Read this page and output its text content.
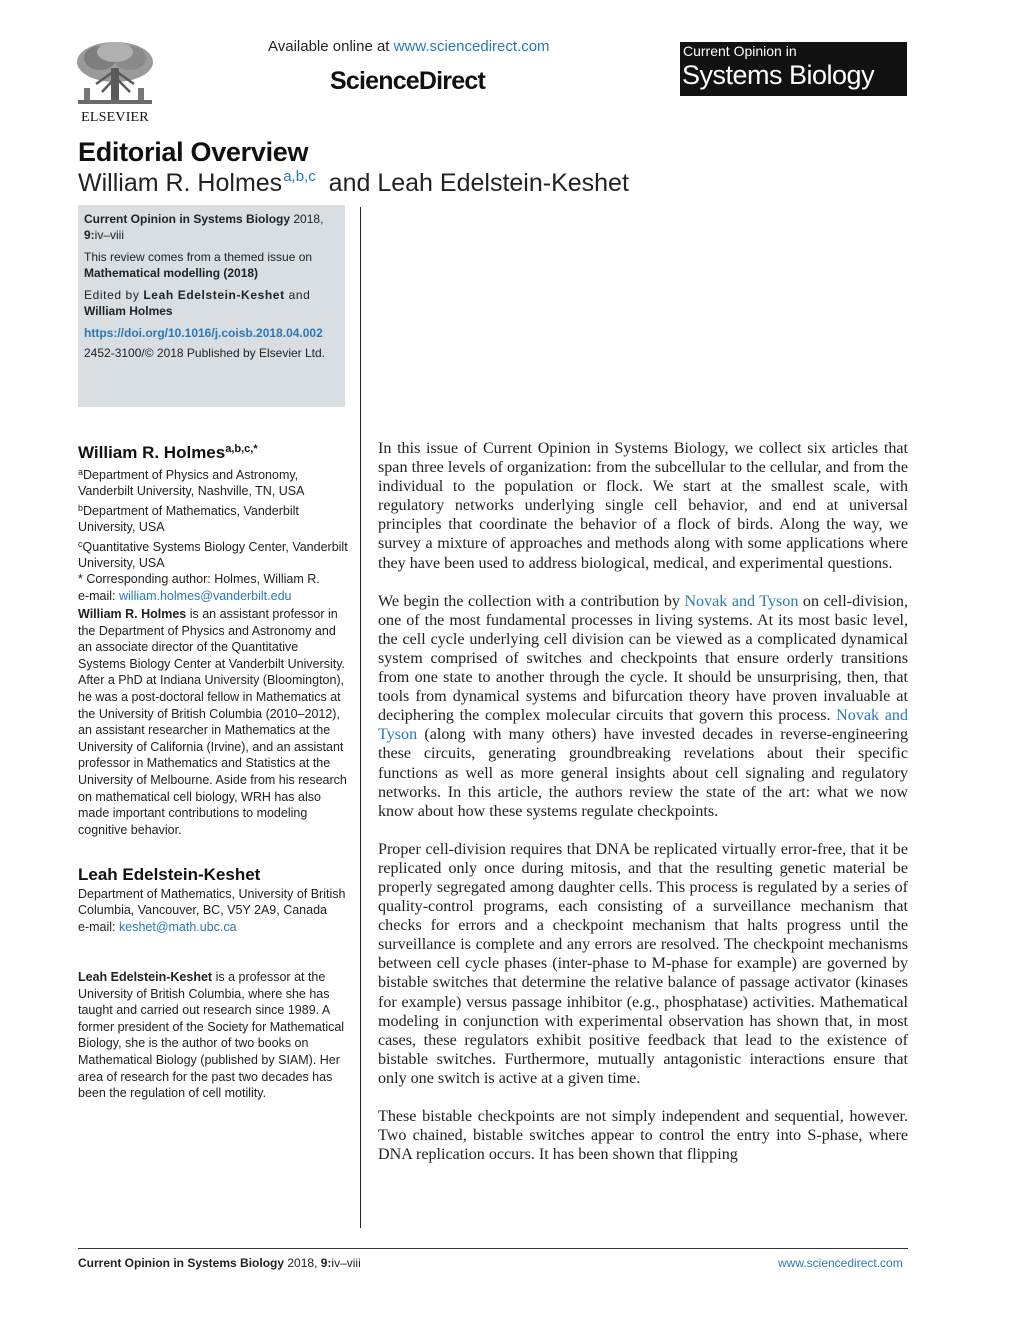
ELSEVIER
Available online at www.sciencedirect.com
ScienceDirect
Current Opinion in
Systems Biology
Editorial Overview
William R. Holmes$^{a,b,c}$ and Leah Edelstein-Keshet

Current Opinion in Systems Biology 2018, 9:iv–viii

This review comes from a themed issue on Mathematical modelling (2018)

Edited by Leah Edelstein-Keshet and William Holmes

https://doi.org/10.1016/j.coisb.2018.04.002

2452-3100/© 2018 Published by Elsevier Ltd.

William R. Holmes$^{a,b,c,*}$

$^a$Department of Physics and Astronomy, Vanderbilt University, Nashville, TN, USA

$^b$Department of Mathematics, Vanderbilt University, USA

$^c$Quantitative Systems Biology Center, Vanderbilt University, USA

* Corresponding author: Holmes, William R.

e-mail: william.holmes@vanderbilt.edu

William R. Holmes is an assistant professor in the Department of Physics and Astronomy and an associate director of the Quantitative Systems Biology Center at Vanderbilt University. After a PhD at Indiana University (Bloomington), he was a post-doctoral fellow in Mathematics at the University of British Columbia (2010–2012), an assistant researcher in Mathematics at the University of California (Irvine), and an assistant professor in Mathematics and Statistics at the University of Melbourne. Aside from his research on mathematical cell biology, WRH has also made important contributions to modeling cognitive behavior.

Leah Edelstein-Keshet

Department of Mathematics, University of British Columbia, Vancouver, BC, V5Y 2A9, Canada

e-mail: keshet@math.ubc.ca

Leah Edelstein-Keshet is a professor at the University of British Columbia, where she has taught and carried out research since 1989. A former president of the Society for Mathematical Biology, she is the author of two books on Mathematical Biology (published by SIAM). Her area of research for the past two decades has been the regulation of cell motility.

In this issue of Current Opinion in Systems Biology, we collect six articles that span three levels of organization: from the subcellular to the cellular, and from the individual to the population or flock. We start at the smallest scale, with regulatory networks underlying single cell behavior, and end at universal principles that coordinate the behavior of a flock of birds. Along the way, we survey a mixture of approaches and methods along with some applications where they have been used to address biological, medical, and experimental questions.

We begin the collection with a contribution by Novak and Tyson on cell-division, one of the most fundamental processes in living systems. At its most basic level, the cell cycle underlying cell division can be viewed as a complicated dynamical system comprised of switches and checkpoints that ensure orderly transitions from one state to another through the cycle. It should be unsurprising, then, that tools from dynamical systems and bifurcation theory have proven invaluable at deciphering the complex molecular circuits that govern this process. Novak and Tyson (along with many others) have invested decades in reverse-engineering these circuits, generating groundbreaking revelations about their specific functions as well as more general insights about cell signaling and regulatory networks. In this article, the authors review the state of the art: what we now know about how these systems regulate checkpoints.

Proper cell-division requires that DNA be replicated virtually error-free, that it be replicated only once during mitosis, and that the resulting genetic material be properly segregated among daughter cells. This process is regulated by a series of quality-control programs, each consisting of a surveillance mechanism that checks for errors and a checkpoint mechanism that halts progress until the surveillance is complete and any errors are resolved. The checkpoint mechanisms between cell cycle phases (inter-phase to M-phase for example) are governed by bistable switches that determine the relative balance of passage activator (kinases for example) versus passage inhibitor (e.g., phosphatase) activities. Mathematical modeling in conjunction with experimental observation has shown that, in most cases, these regulators exhibit positive feedback that lead to the existence of bistable switches. Furthermore, mutually antagonistic interactions ensure that only one switch is active at a given time.

These bistable checkpoints are not simply independent and sequential, however. Two chained, bistable switches appear to control the entry into S-phase, where DNA replication occurs. It has been shown that flipping

Current Opinion in Systems Biology 2018, 9:iv–viii	www.sciencedirect.com
